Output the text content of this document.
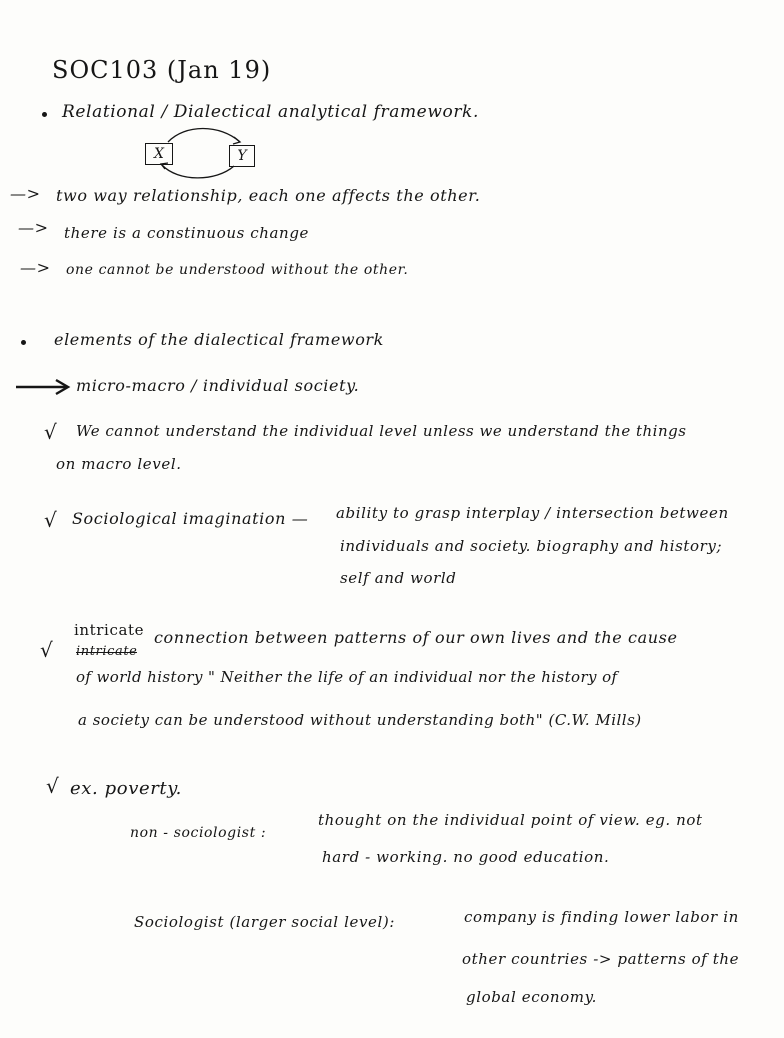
SOC103 (Jan 19)
Relational / Dialectical analytical framework.
X	Y
—> two way relationship, each one affects the other.
—> there is a constinuous change
—> one cannot be understood without the other.
elements of the dialectical framework
micro-macro / individual society.
√ We cannot understand the individual level unless we understand the things
on macro level.
√ Sociological imagination — ability to grasp interplay / intersection between
individuals and society. biography and history;
self and world
intricate
√ intricate
connection between patterns of our own lives and the cause
of world history " Neither the life of an individual nor the history of
a society can be understood without understanding both" (C.W. Mills)
√ ex. poverty.
non - sociologist :
thought on the individual point of view. eg. not
hard - working. no good education.
Sociologist (larger social level):	company is finding lower labor in
other countries -> patterns of the
global economy.
